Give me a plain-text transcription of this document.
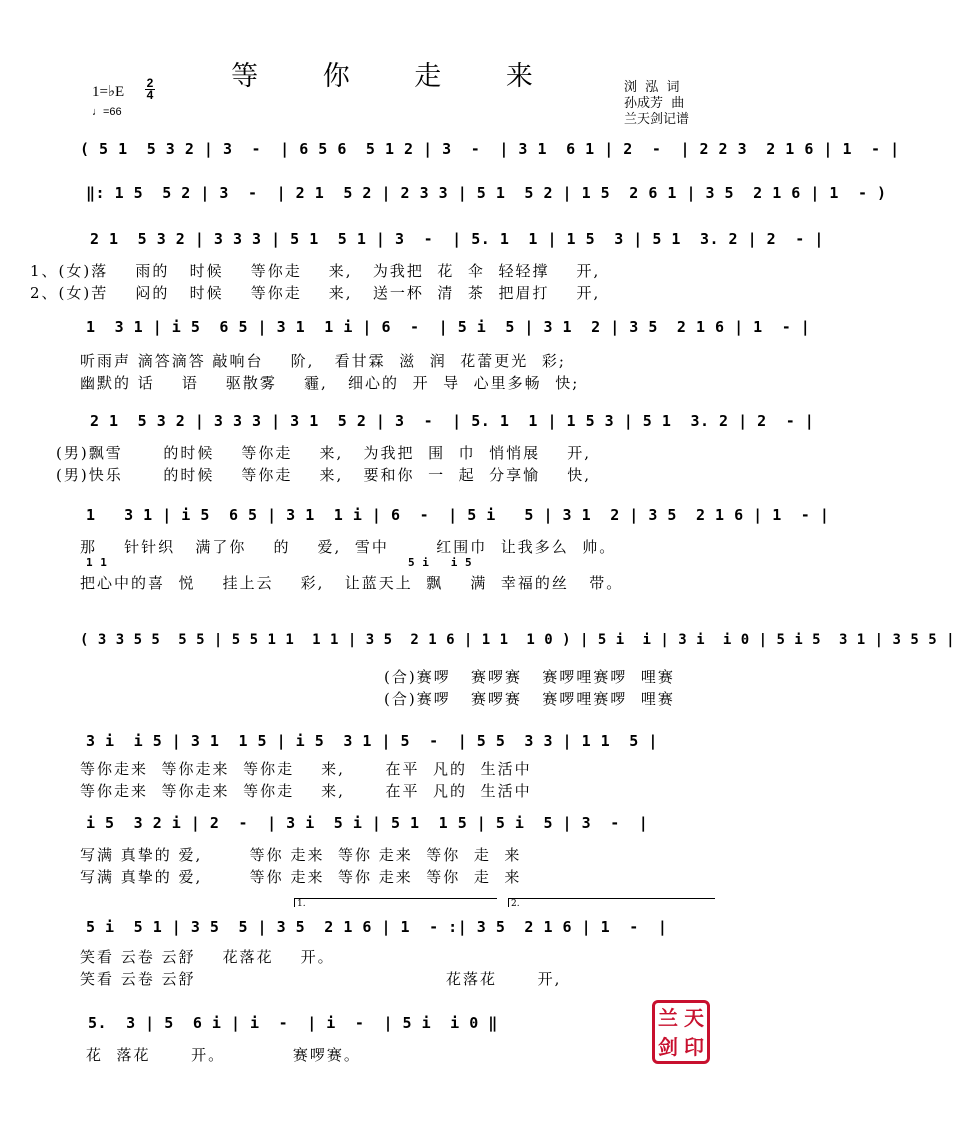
等 你 走 来
1=♭E
2
4
♩=66
浏  泓  词
孙成芳  曲
兰天剑记谱
( 5 1  5 3 2 | 3  -  | 6 5 6  5 1 2 | 3  -  | 3 1  6 1 | 2  -  | 2 2 3  2 1 6 | 1  - |
‖: 1 5  5 2 | 3  -  | 2 1  5 2 | 2 3 3 | 5 1  5 2 | 1 5  2 6 1 | 3 5  2 1 6 | 1  - )
2 1  5 3 2 | 3 3 3 | 5 1  5 1 | 3  -  | 5. 1  1 | 1 5  3 | 5 1  3. 2 | 2  - |
1、(女)落    雨的   时候    等你走    来,   为我把  花  伞  轻轻撑    开,
2、(女)苦    闷的   时候    等你走    来,   送一杯  清  茶  把眉打    开,
1  3 1 | i 5  6 5 | 3 1  1 i | 6  -  | 5 i  5 | 3 1  2 | 3 5  2 1 6 | 1  - |
听雨声 滴答滴答 敲响台    阶,   看甘霖  滋  润  花蕾更光  彩;
幽默的 话    语    驱散雾    霾,   细心的  开  导  心里多畅  快;
2 1  5 3 2 | 3 3 3 | 3 1  5 2 | 3  -  | 5. 1  1 | 1 5 3 | 5 1  3. 2 | 2  - |
(男)飘雪      的时候    等你走    来,   为我把  围  巾  悄悄展    开,
(男)快乐      的时候    等你走    来,   要和你  一  起  分享愉    快,
1   3 1 | i 5  6 5 | 3 1  1 i | 6  -  | 5 i   5 | 3 1  2 | 3 5  2 1 6 | 1  - |
那    针针织   满了你    的    爱,  雪中       红围巾  让我多么  帅。
1 1	5 i   i 5
把心中的喜  悦    挂上云    彩,   让蓝天上  飘    满  幸福的丝   带。
( 3 3 5 5  5 5 | 5 5 1 1  1 1 | 3 5  2 1 6 | 1 1  1 0 ) | 5 i  i | 3 i  i 0 | 5 i 5  3 1 | 3 5 5 |
(合)赛啰   赛啰赛   赛啰哩赛啰  哩赛
(合)赛啰   赛啰赛   赛啰哩赛啰  哩赛
3 i  i 5 | 3 1  1 5 | i 5  3 1 | 5  -  | 5 5  3 3 | 1 1  5 |
等你走来  等你走来  等你走    来,      在平  凡的  生活中
等你走来  等你走来  等你走    来,      在平  凡的  生活中
i 5  3 2 i | 2  -  | 3 i  5 i | 5 1  1 5 | 5 i  5 | 3  -  |
写满 真挚的 爱,       等你 走来  等你 走来  等你  走  来
写满 真挚的 爱,       等你 走来  等你 走来  等你  走  来
1.	2.
5 i  5 1 | 3 5  5 | 3 5  2 1 6 | 1  - :| 3 5  2 1 6 | 1  -  |
笑看 云卷 云舒    花落花    开。
笑看 云卷 云舒                                     花落花      开,
5.  3 | 5  6 i | i  -  | i  -  | 5 i  i 0 ‖
花  落花      开。          赛啰赛。
兰 天
剑 印
